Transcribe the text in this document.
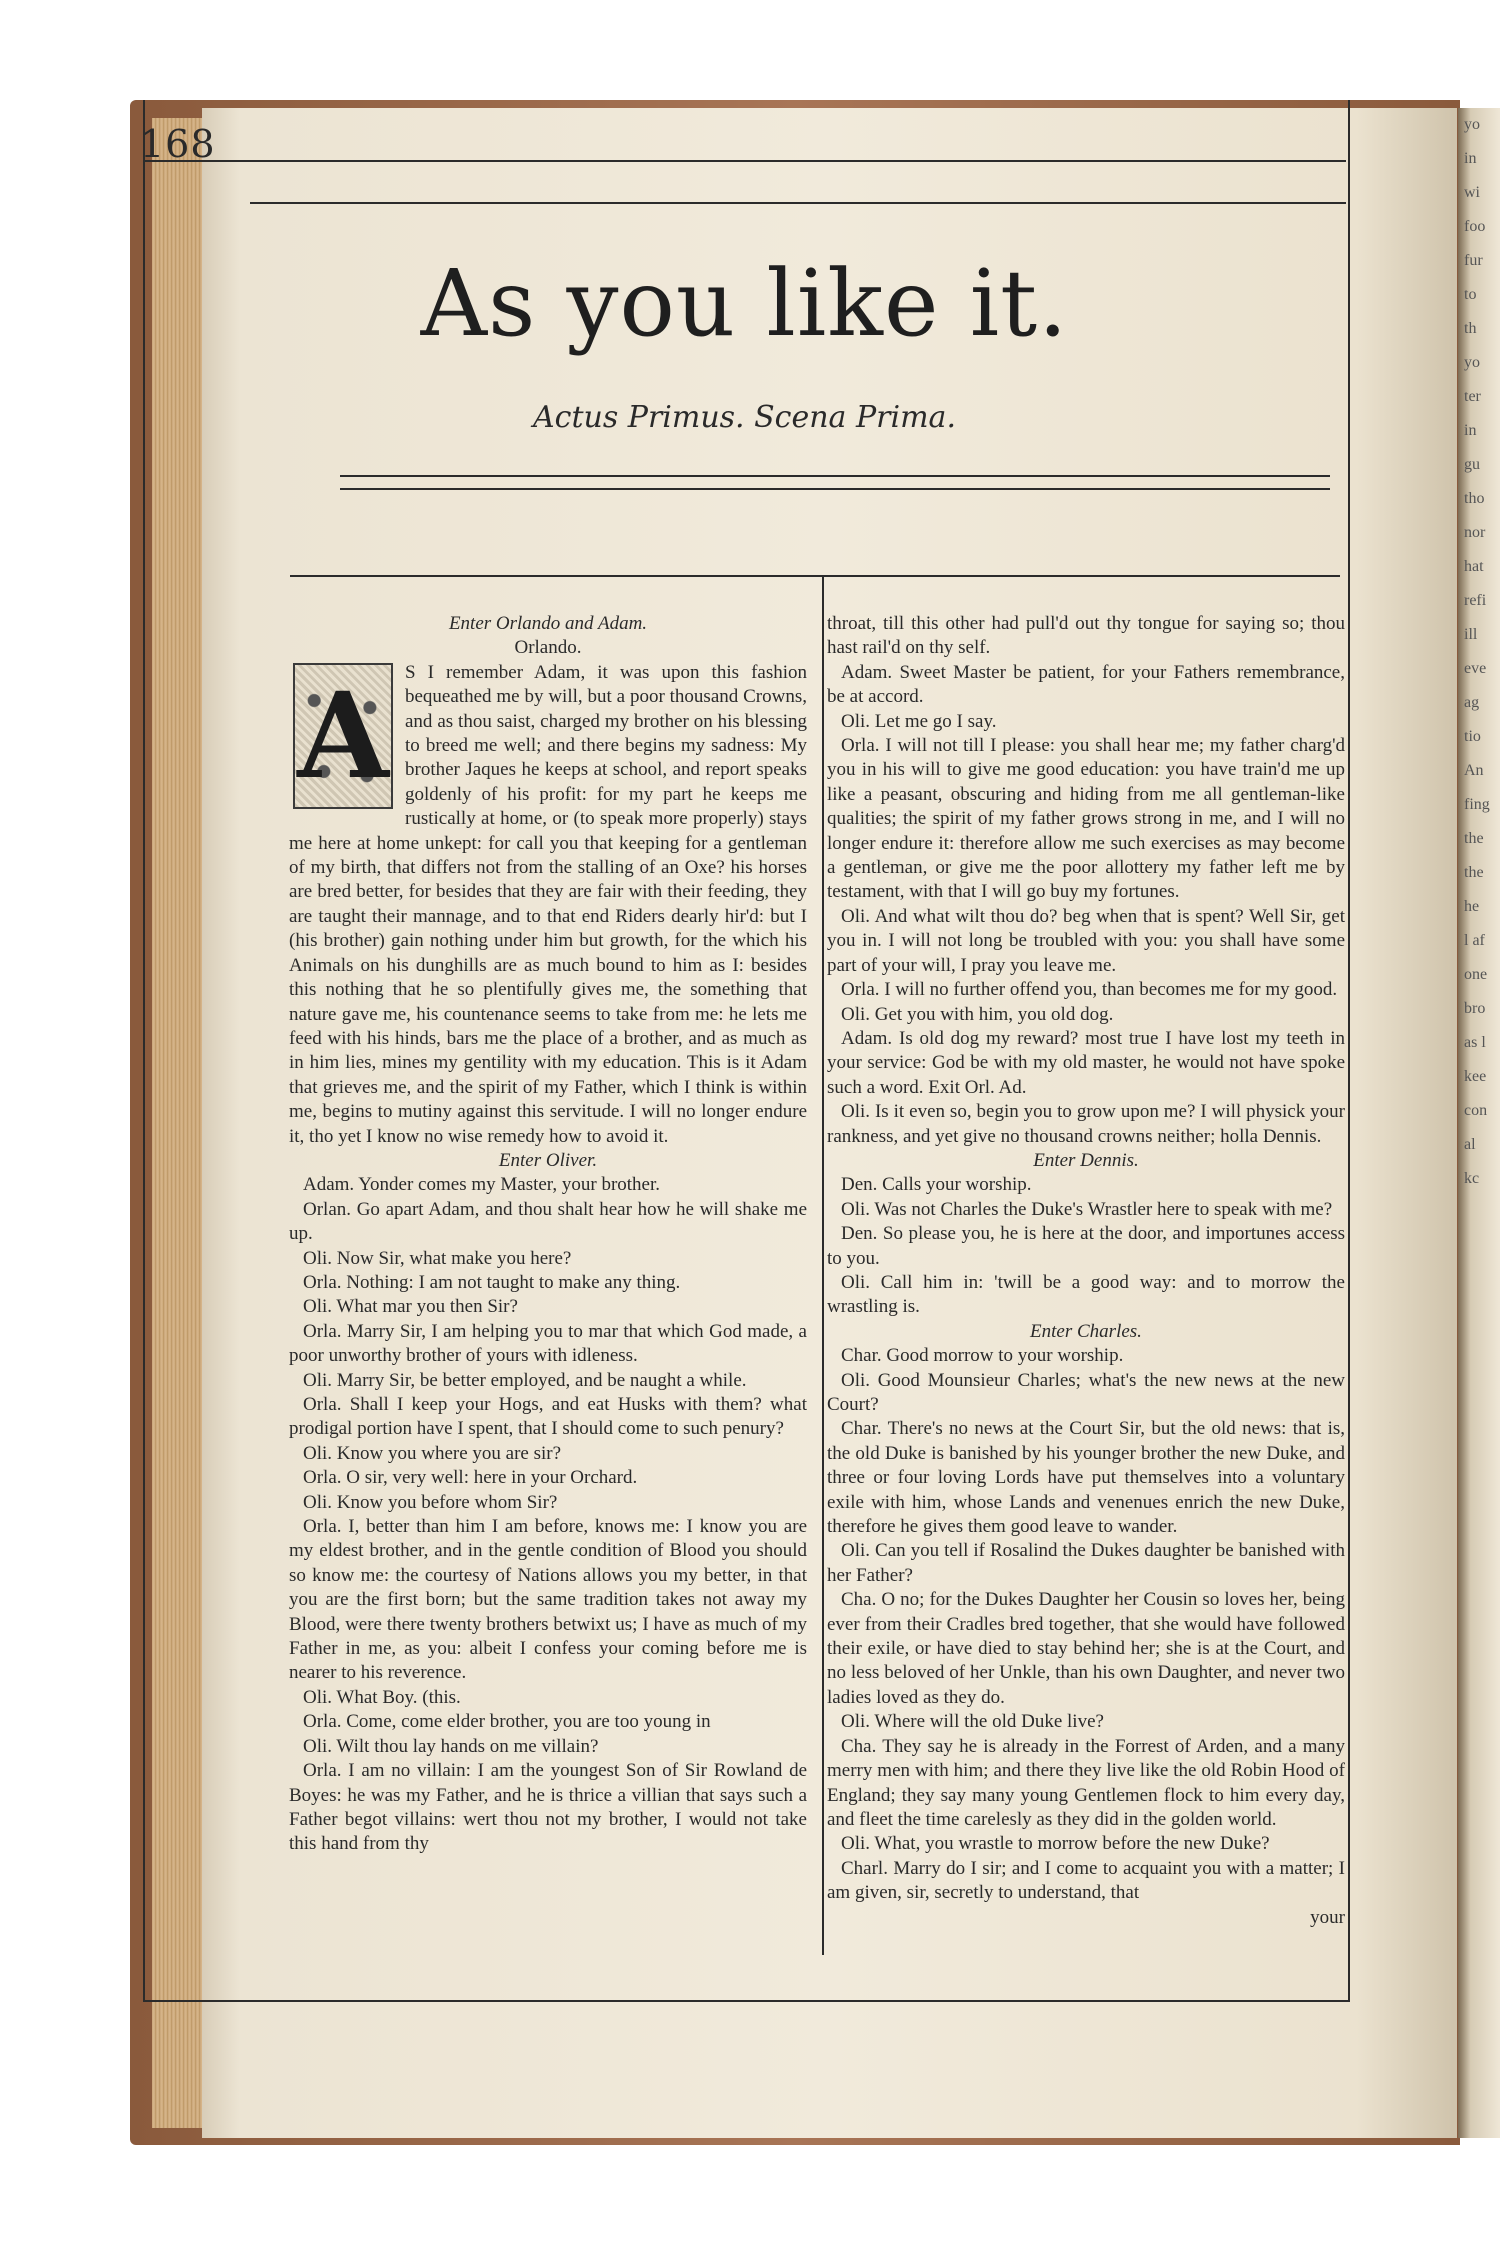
yo
in
wi
foo
fur
to
th
yo
ter
in
gu
tho
nor
hat
refi
ill
eve
ag
tio
An
fing
the
the
he
l af
one
bro
as l
kee
con
al
kc
168
As you like it.
Actus Primus. Scena Prima.

Enter Orlando and Adam.

Orlando.

A S I remember Adam, it was upon this fashion bequeathed me by will, but a poor thousand Crowns, and as thou saist, charged my brother on his blessing to breed me well; and there begins my sadness: My brother Jaques he keeps at school, and report speaks goldenly of his profit: for my part he keeps me rustically at home, or (to speak more properly) stays me here at home unkept: for call you that keeping for a gentleman of my birth, that differs not from the stalling of an Oxe? his horses are bred better, for besides that they are fair with their feeding, they are taught their mannage, and to that end Riders dearly hir'd: but I (his brother) gain nothing under him but growth, for the which his Animals on his dunghills are as much bound to him as I: besides this nothing that he so plentifully gives me, the something that nature gave me, his countenance seems to take from me: he lets me feed with his hinds, bars me the place of a brother, and as much as in him lies, mines my gentility with my education. This is it Adam that grieves me, and the spirit of my Father, which I think is within me, begins to mutiny against this servitude. I will no longer endure it, tho yet I know no wise remedy how to avoid it.

Enter Oliver.

Adam. Yonder comes my Master, your brother.

Orlan. Go apart Adam, and thou shalt hear how he will shake me up.

Oli. Now Sir, what make you here?

Orla. Nothing: I am not taught to make any thing.

Oli. What mar you then Sir?

Orla. Marry Sir, I am helping you to mar that which God made, a poor unworthy brother of yours with idleness.

Oli. Marry Sir, be better employed, and be naught a while.

Orla. Shall I keep your Hogs, and eat Husks with them? what prodigal portion have I spent, that I should come to such penury?

Oli. Know you where you are sir?

Orla. O sir, very well: here in your Orchard.

Oli. Know you before whom Sir?

Orla. I, better than him I am before, knows me: I know you are my eldest brother, and in the gentle condition of Blood you should so know me: the courtesy of Nations allows you my better, in that you are the first born; but the same tradition takes not away my Blood, were there twenty brothers betwixt us; I have as much of my Father in me, as you: albeit I confess your coming before me is nearer to his reverence.

Oli. What Boy. (this.

Orla. Come, come elder brother, you are too young in

Oli. Wilt thou lay hands on me villain?

Orla. I am no villain: I am the youngest Son of Sir Rowland de Boyes: he was my Father, and he is thrice a villian that says such a Father begot villains: wert thou not my brother, I would not take this hand from thy

throat, till this other had pull'd out thy tongue for saying so; thou hast rail'd on thy self.

Adam. Sweet Master be patient, for your Fathers remembrance, be at accord.

Oli. Let me go I say.

Orla. I will not till I please: you shall hear me; my father charg'd you in his will to give me good education: you have train'd me up like a peasant, obscuring and hiding from me all gentleman-like qualities; the spirit of my father grows strong in me, and I will no longer endure it: therefore allow me such exercises as may become a gentleman, or give me the poor allottery my father left me by testament, with that I will go buy my fortunes.

Oli. And what wilt thou do? beg when that is spent? Well Sir, get you in. I will not long be troubled with you: you shall have some part of your will, I pray you leave me.

Orla. I will no further offend you, than becomes me for my good.

Oli. Get you with him, you old dog.

Adam. Is old dog my reward? most true I have lost my teeth in your service: God be with my old master, he would not have spoke such a word. Exit Orl. Ad.

Oli. Is it even so, begin you to grow upon me? I will physick your rankness, and yet give no thousand crowns neither; holla Dennis.

Enter Dennis.

Den. Calls your worship.

Oli. Was not Charles the Duke's Wrastler here to speak with me?

Den. So please you, he is here at the door, and importunes access to you.

Oli. Call him in: 'twill be a good way: and to morrow the wrastling is.

Enter Charles.

Char. Good morrow to your worship.

Oli. Good Mounsieur Charles; what's the new news at the new Court?

Char. There's no news at the Court Sir, but the old news: that is, the old Duke is banished by his younger brother the new Duke, and three or four loving Lords have put themselves into a voluntary exile with him, whose Lands and venenues enrich the new Duke, therefore he gives them good leave to wander.

Oli. Can you tell if Rosalind the Dukes daughter be banished with her Father?

Cha. O no; for the Dukes Daughter her Cousin so loves her, being ever from their Cradles bred together, that she would have followed their exile, or have died to stay behind her; she is at the Court, and no less beloved of her Unkle, than his own Daughter, and never two ladies loved as they do.

Oli. Where will the old Duke live?

Cha. They say he is already in the Forrest of Arden, and a many merry men with him; and there they live like the old Robin Hood of England; they say many young Gentlemen flock to him every day, and fleet the time carelesly as they did in the golden world.

Oli. What, you wrastle to morrow before the new Duke?

Charl. Marry do I sir; and I come to acquaint you with a matter; I am given, sir, secretly to understand, that

your
